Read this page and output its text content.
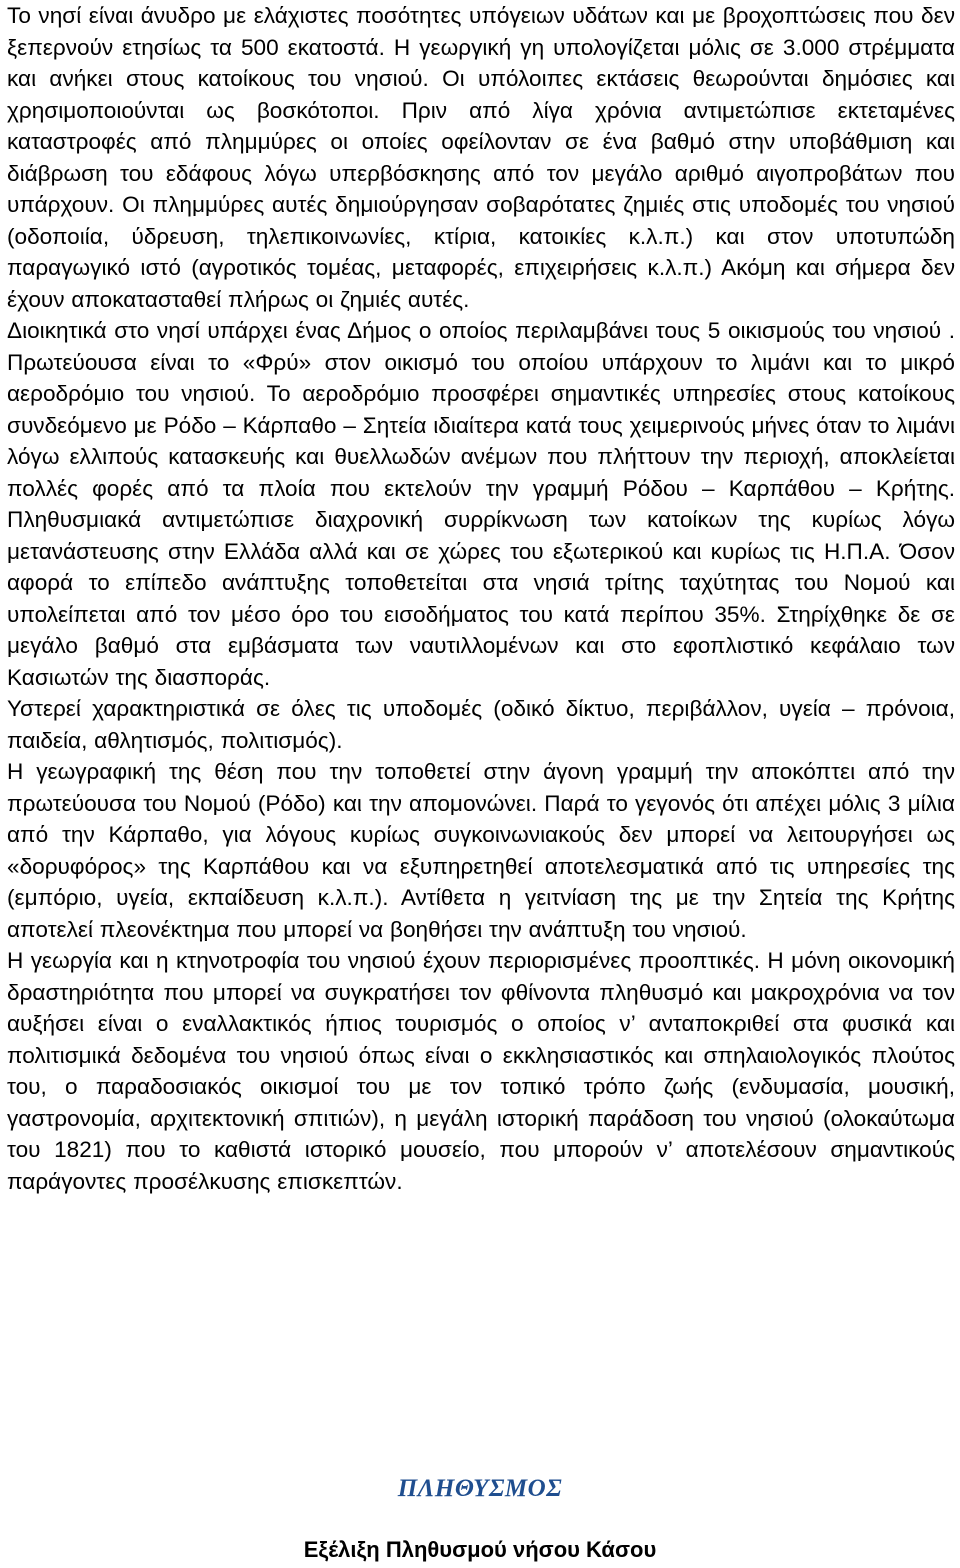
Το νησί είναι άνυδρο με ελάχιστες ποσότητες υπόγειων υδάτων και με βροχοπτώσεις που δεν ξεπερνούν ετησίως τα 500 εκατοστά. Η γεωργική γη υπολογίζεται μόλις σε 3.000 στρέμματα και ανήκει στους κατοίκους του νησιού. Οι υπόλοιπες εκτάσεις θεωρούνται δημόσιες και χρησιμοποιούνται ως βοσκότοποι. Πριν από λίγα χρόνια αντιμετώπισε εκτεταμένες καταστροφές από πλημμύρες οι οποίες οφείλονταν σε ένα βαθμό στην υποβάθμιση και διάβρωση του εδάφους λόγω υπερβόσκησης από τον μεγάλο αριθμό αιγοπροβάτων που υπάρχουν. Οι πλημμύρες αυτές δημιούργησαν σοβαρότατες ζημιές στις υποδομές του νησιού (οδοποιία, ύδρευση, τηλεπικοινωνίες, κτίρια, κατοικίες κ.λ.π.) και στον υποτυπώδη παραγωγικό ιστό (αγροτικός τομέας, μεταφορές, επιχειρήσεις κ.λ.π.) Ακόμη και σήμερα δεν έχουν αποκατασταθεί πλήρως οι ζημιές αυτές.

Διοικητικά στο νησί υπάρχει ένας Δήμος ο οποίος περιλαμβάνει τους 5 οικισμούς του νησιού . Πρωτεύουσα είναι το «Φρύ» στον οικισμό του οποίου υπάρχουν το λιμάνι και το μικρό αεροδρόμιο του νησιού. Το αεροδρόμιο προσφέρει σημαντικές υπηρεσίες στους κατοίκους συνδεόμενο με Ρόδο – Κάρπαθο – Σητεία ιδιαίτερα κατά τους χειμερινούς μήνες όταν το λιμάνι λόγω ελλιπούς κατασκευής και θυελλωδών ανέμων που πλήττουν την περιοχή, αποκλείεται πολλές φορές από τα πλοία που εκτελούν την γραμμή Ρόδου – Καρπάθου – Κρήτης. Πληθυσμιακά αντιμετώπισε διαχρονική συρρίκνωση των κατοίκων της κυρίως λόγω μετανάστευσης στην Ελλάδα αλλά και σε χώρες του εξωτερικού και κυρίως τις Η.Π.Α. Όσον αφορά το επίπεδο ανάπτυξης τοποθετείται στα νησιά τρίτης ταχύτητας του Νομού και υπολείπεται από τον μέσο όρο του εισοδήματος του κατά περίπου 35%. Στηρίχθηκε δε σε μεγάλο βαθμό στα εμβάσματα των ναυτιλλομένων και στο εφοπλιστικό κεφάλαιο των Κασιωτών της διασποράς.

Υστερεί χαρακτηριστικά σε όλες τις υποδομές (οδικό δίκτυο, περιβάλλον, υγεία – πρόνοια, παιδεία, αθλητισμός, πολιτισμός).

Η γεωγραφική της θέση που την τοποθετεί στην άγονη γραμμή την αποκόπτει από την πρωτεύουσα του Νομού (Ρόδο) και την απομονώνει. Παρά το γεγονός ότι απέχει μόλις 3 μίλια από την Κάρπαθο, για λόγους κυρίως συγκοινωνιακούς δεν μπορεί να λειτουργήσει ως «δορυφόρος» της Καρπάθου και να εξυπηρετηθεί αποτελεσματικά από τις υπηρεσίες της (εμπόριο, υγεία, εκπαίδευση κ.λ.π.). Αντίθετα η γειτνίαση της με την Σητεία της Κρήτης αποτελεί πλεονέκτημα που μπορεί να βοηθήσει την ανάπτυξη του νησιού.

Η γεωργία και η κτηνοτροφία του νησιού έχουν περιορισμένες προοπτικές. Η μόνη οικονομική δραστηριότητα που μπορεί να συγκρατήσει τον φθίνοντα πληθυσμό και μακροχρόνια να τον αυξήσει είναι ο εναλλακτικός ήπιος τουρισμός ο οποίος ν’ ανταποκριθεί στα φυσικά και πολιτισμικά δεδομένα του νησιού όπως είναι ο εκκλησιαστικός και σπηλαιολογικός πλούτος του, ο παραδοσιακός οικισμοί του με τον τοπικό τρόπο ζωής (ενδυμασία, μουσική, γαστρονομία, αρχιτεκτονική σπιτιών), η μεγάλη ιστορική παράδοση του νησιού (ολοκαύτωμα του 1821) που το καθιστά ιστορικό μουσείο, που μπορούν ν’ αποτελέσουν σημαντικούς παράγοντες προσέλκυσης επισκεπτών.

ΠΛΗΘΥΣΜΟΣ
Εξέλιξη Πληθυσμού νήσου Κάσου
